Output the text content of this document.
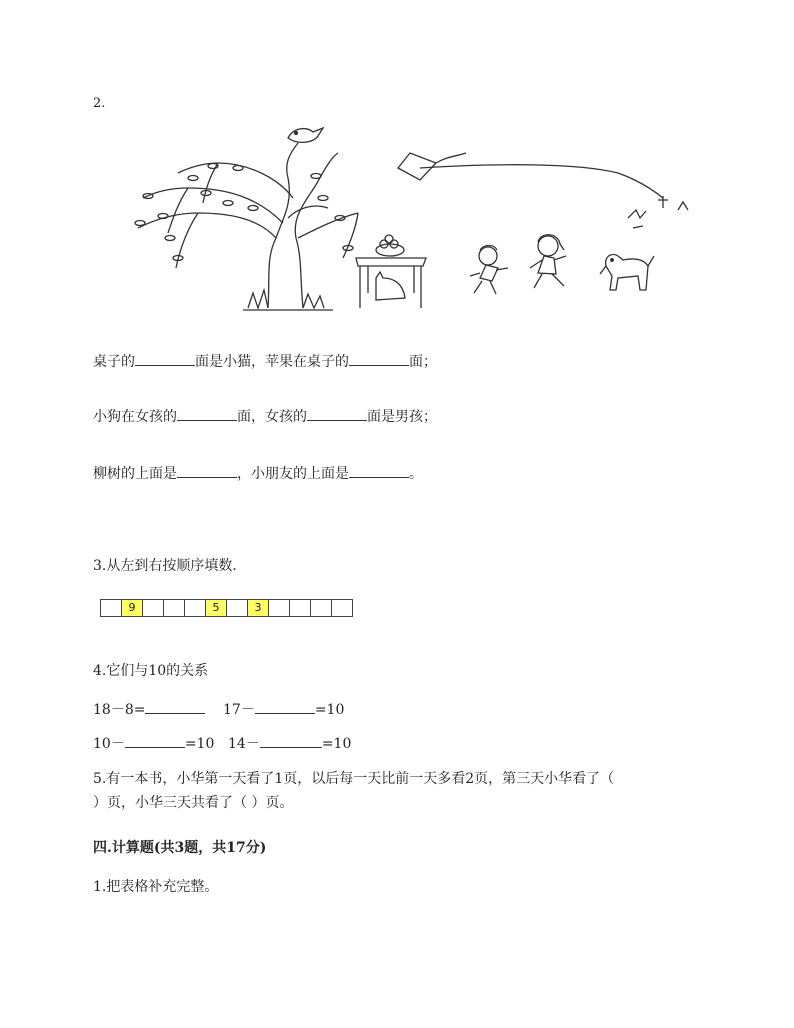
2.
桌子的	面是小猫，苹果在桌子的	面；
小狗在女孩的	面，女孩的	面是男孩；
柳树的上面是	，小朋友的上面是	。
3.从左到右按顺序填数.
9	5	3
4.它们与10的关系
18－8=	17－	=10
10－	=10 14－	=10
5.有一本书，小华第一天看了1页，以后每一天比前一天多看2页，第三天小华看了（
）页，小华三天共看了（ ）页。
四.计算题(共3题，共17分)
1.把表格补充完整。
